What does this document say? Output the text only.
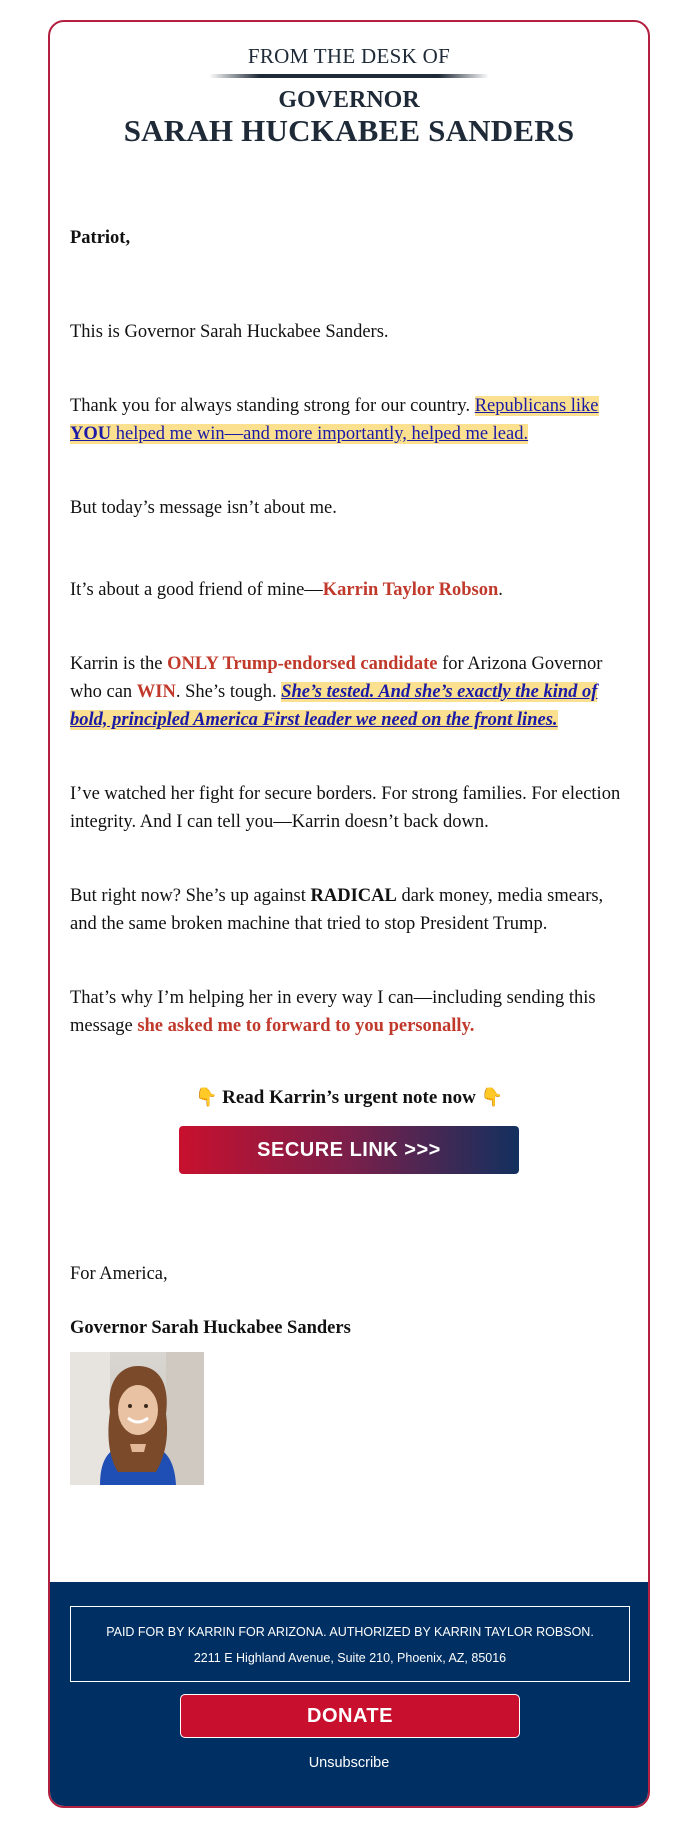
FROM THE DESK OF
GOVERNOR
SARAH HUCKABEE SANDERS

Patriot,

This is Governor Sarah Huckabee Sanders.

Thank you for always standing strong for our country. Republicans like YOU helped me win—and more importantly, helped me lead.

But today’s message isn’t about me.

It’s about a good friend of mine—Karrin Taylor Robson.

Karrin is the ONLY Trump-endorsed candidate for Arizona Governor who can WIN. She’s tough. She’s tested. And she’s exactly the kind of bold, principled America First leader we need on the front lines.

I’ve watched her fight for secure borders. For strong families. For election integrity. And I can tell you—Karrin doesn’t back down.

But right now? She’s up against RADICAL dark money, media smears, and the same broken machine that tried to stop President Trump.

That’s why I’m helping her in every way I can—including sending this message she asked me to forward to you personally.

👇 Read Karrin’s urgent note now 👇
SECURE LINK >>>

For America,

Governor Sarah Huckabee Sanders

PAID FOR BY KARRIN FOR ARIZONA. AUTHORIZED BY KARRIN TAYLOR ROBSON.
2211 E Highland Avenue, Suite 210, Phoenix, AZ, 85016
DONATE
Unsubscribe
